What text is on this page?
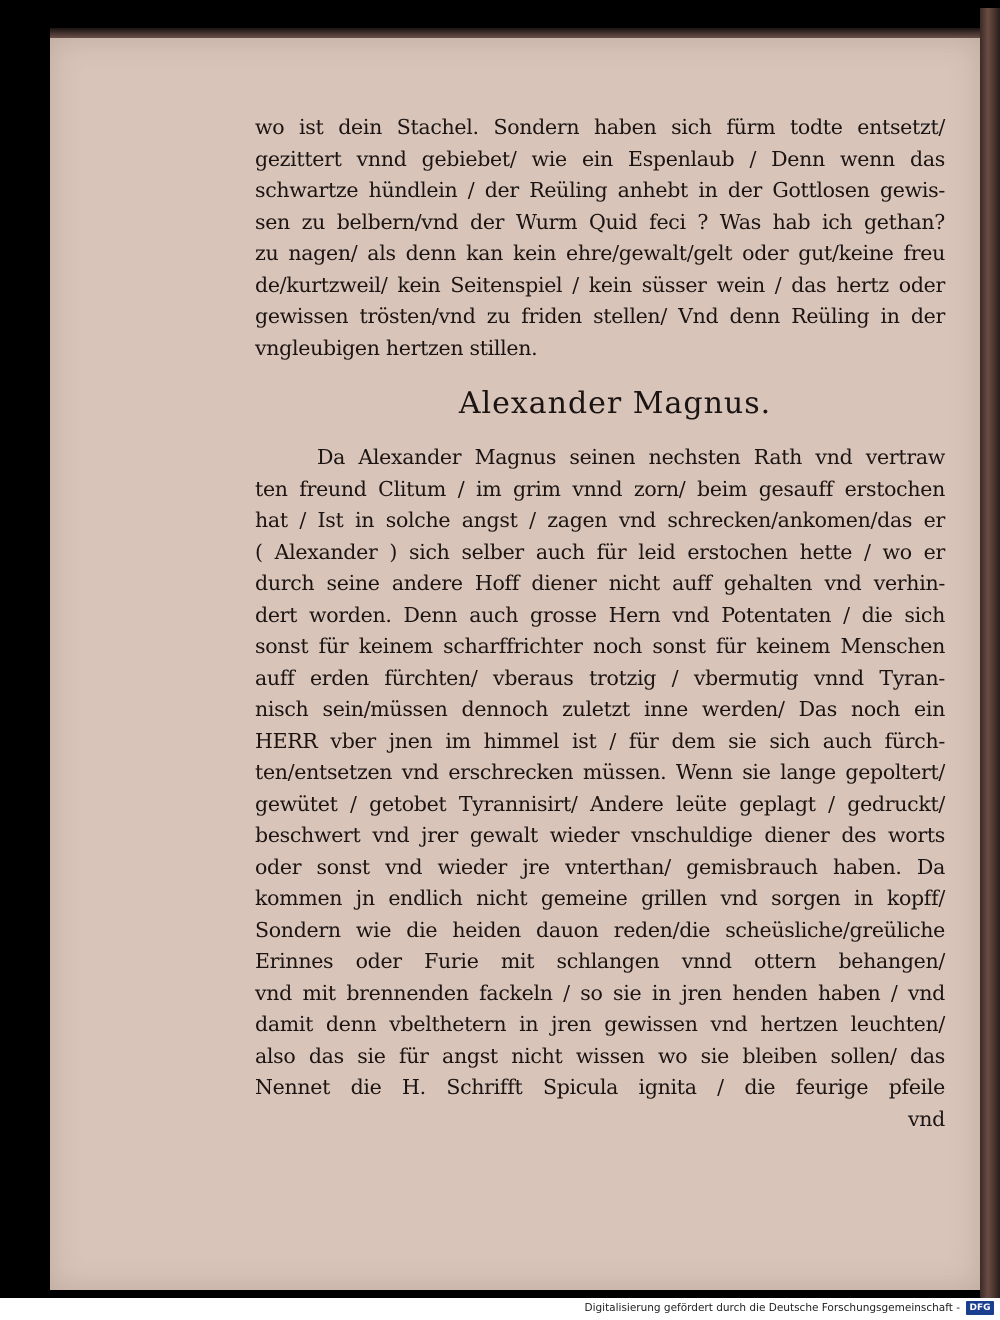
wo ist dein Stachel. Sondern haben sich fürm todte entsetzt/
gezittert vnnd gebiebet/ wie ein Espenlaub / Denn wenn das
schwartze hündlein / der Reüling anhebt in der Gottlosen gewis-
sen zu belbern/vnd der Wurm Quid feci ? Was hab ich gethan?
zu nagen/ als denn kan kein ehre/gewalt/gelt oder gut/keine freu
de/kurtzweil/ kein Seitenspiel / kein süsser wein / das hertz oder
gewissen trösten/vnd zu friden stellen/ Vnd denn Reüling in der
vngleubigen hertzen stillen.
Alexander Magnus.
Da Alexander Magnus seinen nechsten Rath vnd vertraw
ten freund Clitum / im grim vnnd zorn/ beim gesauff erstochen
hat / Ist in solche angst / zagen vnd schrecken/ankomen/das er
( Alexander ) sich selber auch für leid erstochen hette / wo er
durch seine andere Hoff diener nicht auff gehalten vnd verhin-
dert worden. Denn auch grosse Hern vnd Potentaten / die sich
sonst für keinem scharffrichter noch sonst für keinem Menschen
auff erden fürchten/ vberaus trotzig / vbermutig vnnd Tyran-
nisch sein/müssen dennoch zuletzt inne werden/ Das noch ein
HERR vber jnen im himmel ist / für dem sie sich auch fürch-
ten/entsetzen vnd erschrecken müssen. Wenn sie lange gepoltert/
gewütet / getobet Tyrannisirt/ Andere leüte geplagt / gedruckt/
beschwert vnd jrer gewalt wieder vnschuldige diener des worts
oder sonst vnd wieder jre vnterthan/ gemisbrauch haben. Da
kommen jn endlich nicht gemeine grillen vnd sorgen in kopff/
Sondern wie die heiden dauon reden/die scheüsliche/greüliche
Erinnes oder Furie mit schlangen vnnd ottern behangen/
vnd mit brennenden fackeln / so sie in jren henden haben / vnd
damit denn vbelthetern in jren gewissen vnd hertzen leuchten/
also das sie für angst nicht wissen wo sie bleiben sollen/ das
Nennet die H. Schrifft Spicula ignita / die feurige pfeile
vnd
Digitalisierung gefördert durch die Deutsche Forschungsgemeinschaft -	DFG
